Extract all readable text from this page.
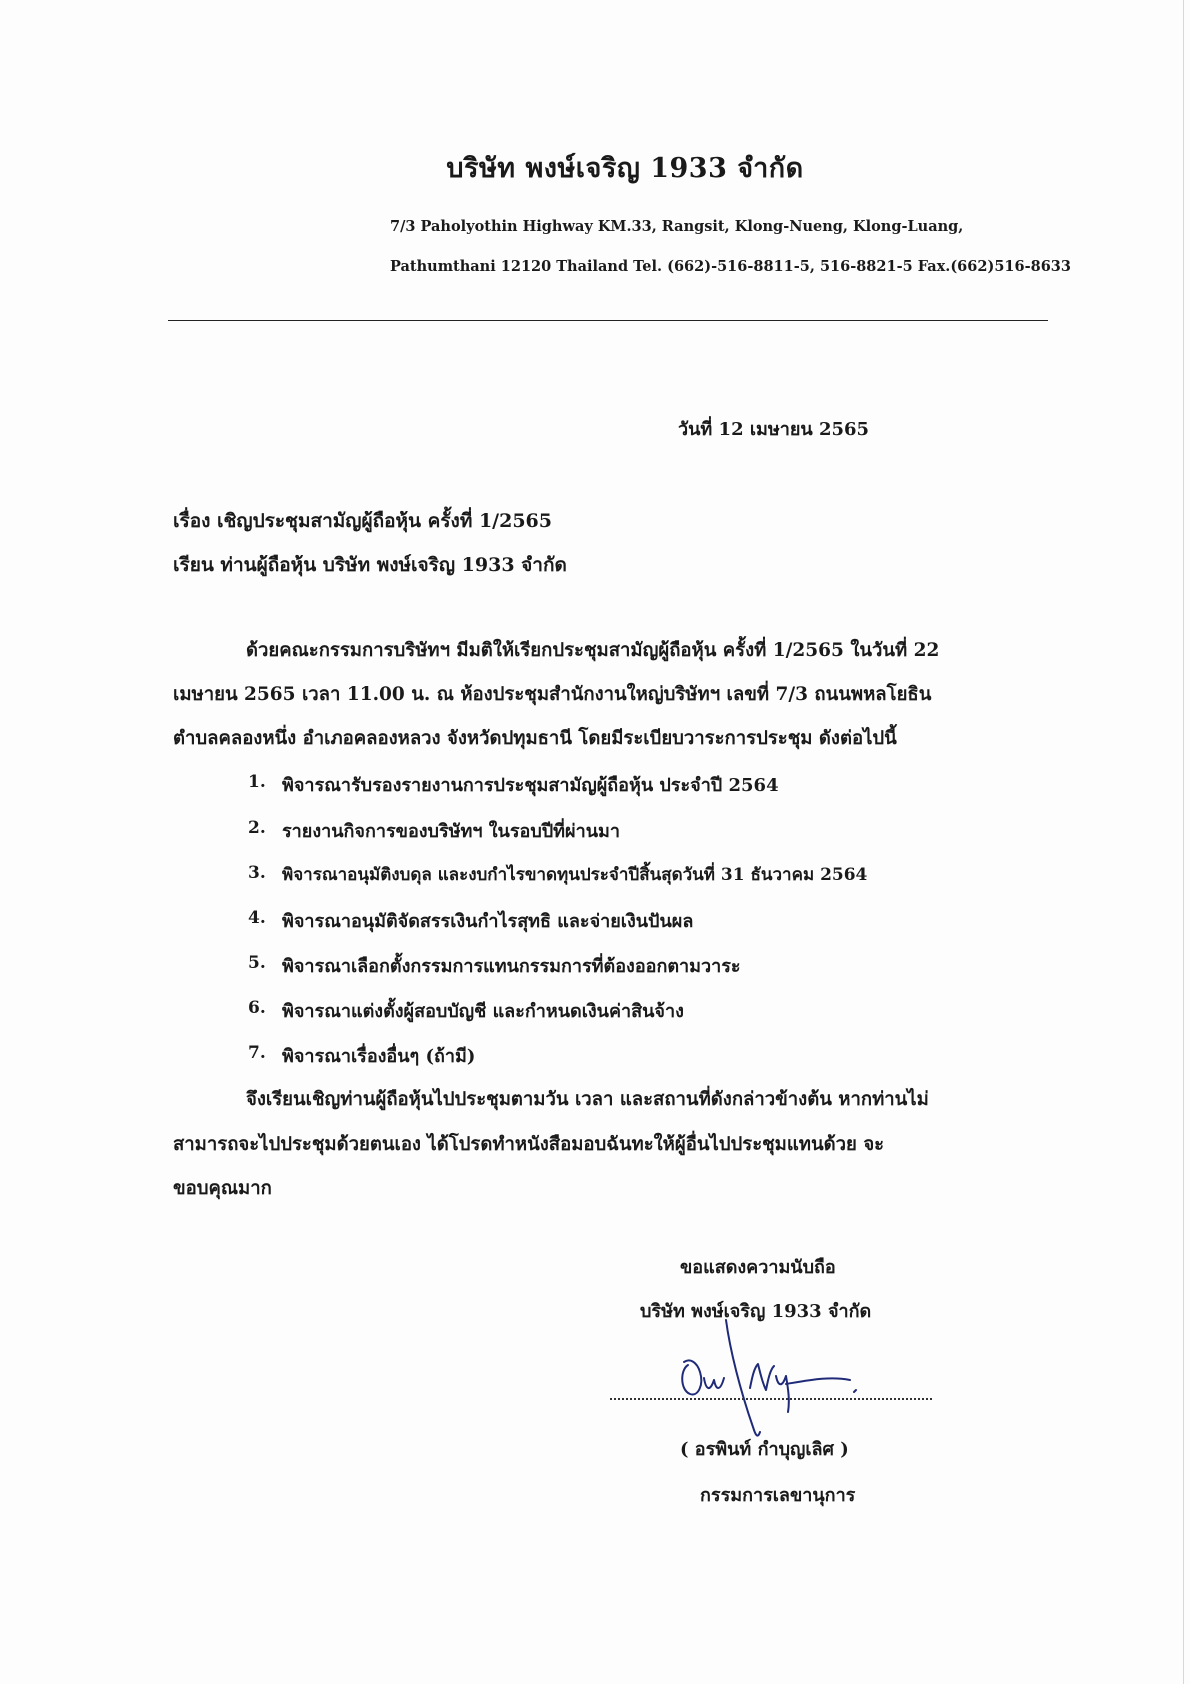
บริษัท พงษ์เจริญ 1933 จำกัด
7/3 Paholyothin Highway KM.33, Rangsit, Klong-Nueng, Klong-Luang,
Pathumthani 12120 Thailand Tel. (662)-516-8811-5, 516-8821-5 Fax.(662)516-8633
วันที่ 12 เมษายน 2565
เรื่อง เชิญประชุมสามัญผู้ถือหุ้น ครั้งที่ 1/2565
เรียน ท่านผู้ถือหุ้น บริษัท พงษ์เจริญ 1933 จำกัด
ด้วยคณะกรรมการบริษัทฯ มีมติให้เรียกประชุมสามัญผู้ถือหุ้น ครั้งที่ 1/2565 ในวันที่ 22
เมษายน 2565 เวลา 11.00 น. ณ ห้องประชุมสำนักงานใหญ่บริษัทฯ เลขที่ 7/3 ถนนพหลโยธิน
ตำบลคลองหนึ่ง อำเภอคลองหลวง จังหวัดปทุมธานี โดยมีระเบียบวาระการประชุม ดังต่อไปนี้
1. พิจารณารับรองรายงานการประชุมสามัญผู้ถือหุ้น ประจำปี 2564
2. รายงานกิจการของบริษัทฯ ในรอบปีที่ผ่านมา
3. พิจารณาอนุมัติงบดุล และงบกำไรขาดทุนประจำปีสิ้นสุดวันที่ 31 ธันวาคม 2564
4. พิจารณาอนุมัติจัดสรรเงินกำไรสุทธิ และจ่ายเงินปันผล
5. พิจารณาเลือกตั้งกรรมการแทนกรรมการที่ต้องออกตามวาระ
6. พิจารณาแต่งตั้งผู้สอบบัญชี และกำหนดเงินค่าสินจ้าง
7. พิจารณาเรื่องอื่นๆ (ถ้ามี)
จึงเรียนเชิญท่านผู้ถือหุ้นไปประชุมตามวัน เวลา และสถานที่ดังกล่าวข้างต้น หากท่านไม่
สามารถจะไปประชุมด้วยตนเอง ได้โปรดทำหนังสือมอบฉันทะให้ผู้อื่นไปประชุมแทนด้วย จะ
ขอบคุณมาก
ขอแสดงความนับถือ
บริษัท พงษ์เจริญ 1933 จำกัด
( อรพินท์ กำบุญเลิศ )
กรรมการเลขานุการ
